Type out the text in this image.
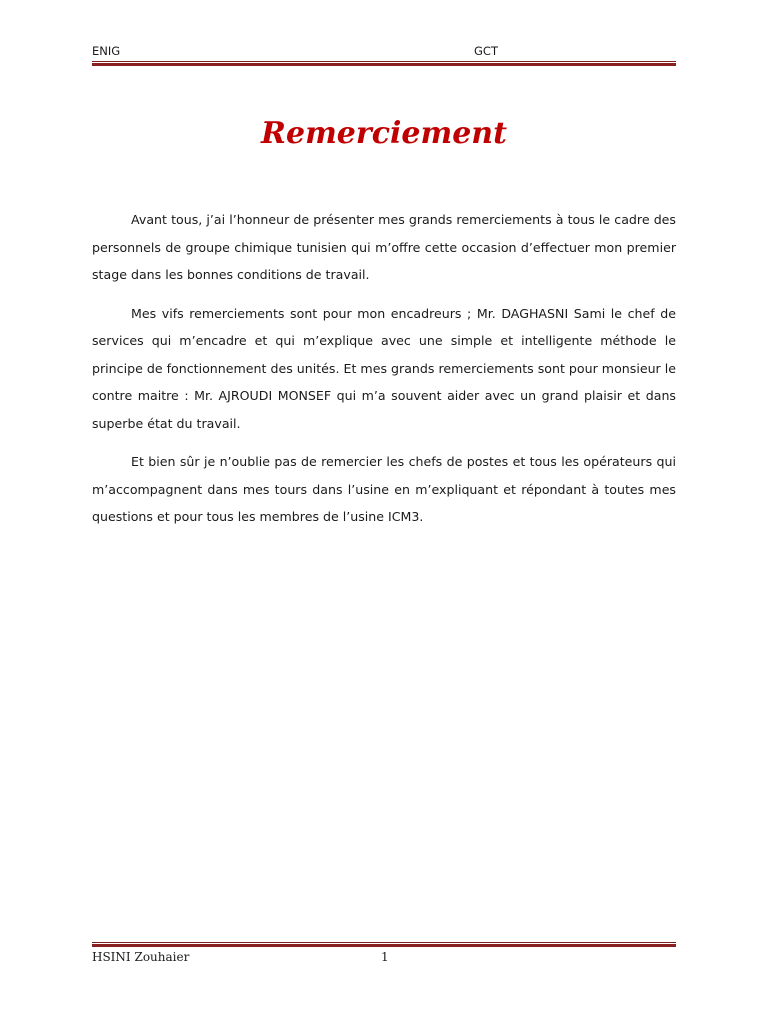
ENIG	GCT
Remerciement

Avant tous, j’ai l’honneur de présenter mes grands remerciements à tous le cadre des personnels de groupe chimique tunisien qui m’offre cette occasion d’effectuer mon premier stage dans les bonnes conditions de travail.

Mes vifs remerciements sont pour mon encadreurs ; Mr. DAGHASNI Sami le chef de services qui m’encadre et qui m’explique avec une simple et intelligente méthode le principe de fonctionnement des unités. Et mes grands remerciements sont pour monsieur le contre maitre : Mr. AJROUDI MONSEF qui m’a souvent aider avec un grand plaisir et dans superbe état du travail.

Et bien sûr je n’oublie pas de remercier les chefs de postes et tous les opérateurs qui m’accompagnent dans mes tours dans l’usine en m’expliquant et répondant à toutes mes questions et pour tous les membres de l’usine ICM3.

HSINI Zouhaier	1
